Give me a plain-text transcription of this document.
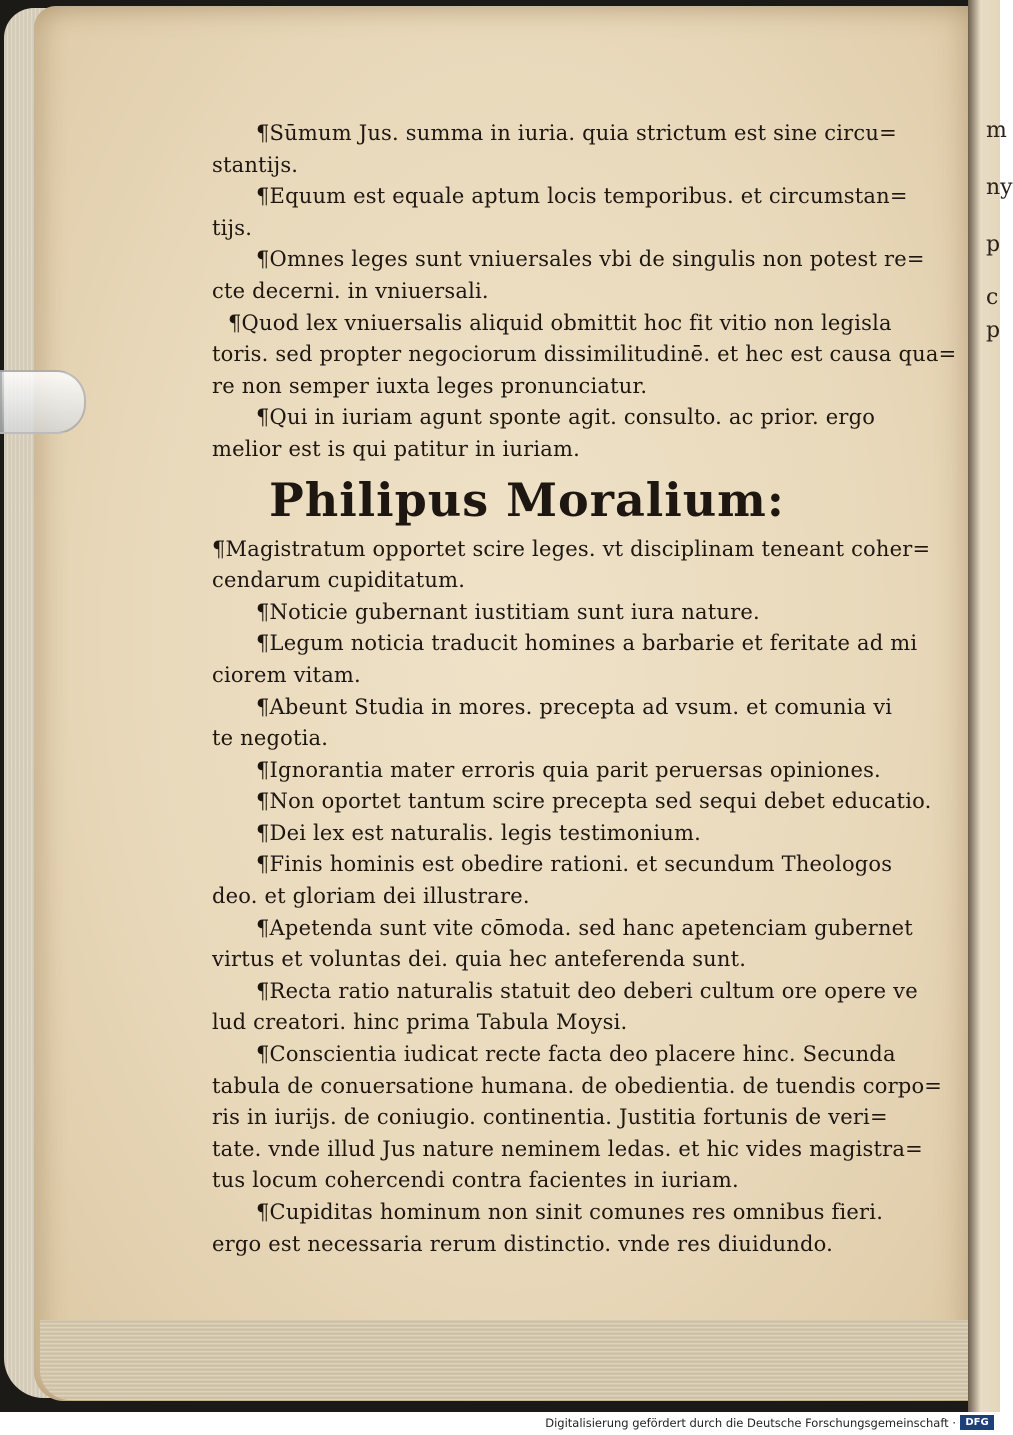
m
ny
p
c
p
¶Sūmum Jus. summa in iuria. quia strictum est sine circu=
stantijs.
¶Equum est equale aptum locis temporibus. et circumstan=
tijs.
¶Omnes leges sunt vniuersales vbi de singulis non potest re=
cte decerni. in vniuersali.
¶Quod lex vniuersalis aliquid obmittit hoc fit vitio non legisla
toris. sed propter negociorum dissimilitudinē. et hec est causa qua=
re non semper iuxta leges pronunciatur.
¶Qui in iuriam agunt sponte agit. consulto. ac prior. ergo
melior est is qui patitur in iuriam.
Philipus Moralium:
¶Magistratum opportet scire leges. vt disciplinam teneant coher=
cendarum cupiditatum.
¶Noticie gubernant iustitiam sunt iura nature.
¶Legum noticia traducit homines a barbarie et feritate ad mi
ciorem vitam.
¶Abeunt Studia in mores. precepta ad vsum. et comunia vi
te negotia.
¶Ignorantia mater erroris quia parit peruersas opiniones.
¶Non oportet tantum scire precepta sed sequi debet educatio.
¶Dei lex est naturalis. legis testimonium.
¶Finis hominis est obedire rationi. et secundum Theologos
deo. et gloriam dei illustrare.
¶Apetenda sunt vite cōmoda. sed hanc apetenciam gubernet
virtus et voluntas dei. quia hec anteferenda sunt.
¶Recta ratio naturalis statuit deo deberi cultum ore opere ve
lud creatori. hinc prima Tabula Moysi.
¶Conscientia iudicat recte facta deo placere hinc. Secunda
tabula de conuersatione humana. de obedientia. de tuendis corpo=
ris in iurijs. de coniugio. continentia. Justitia fortunis de veri=
tate. vnde illud Jus nature neminem ledas. et hic vides magistra=
tus locum cohercendi contra facientes in iuriam.
¶Cupiditas hominum non sinit comunes res omnibus fieri.
ergo est necessaria rerum distinctio. vnde res diuidundo.
Digitalisierung gefördert durch die Deutsche Forschungsgemeinschaft · DFG
